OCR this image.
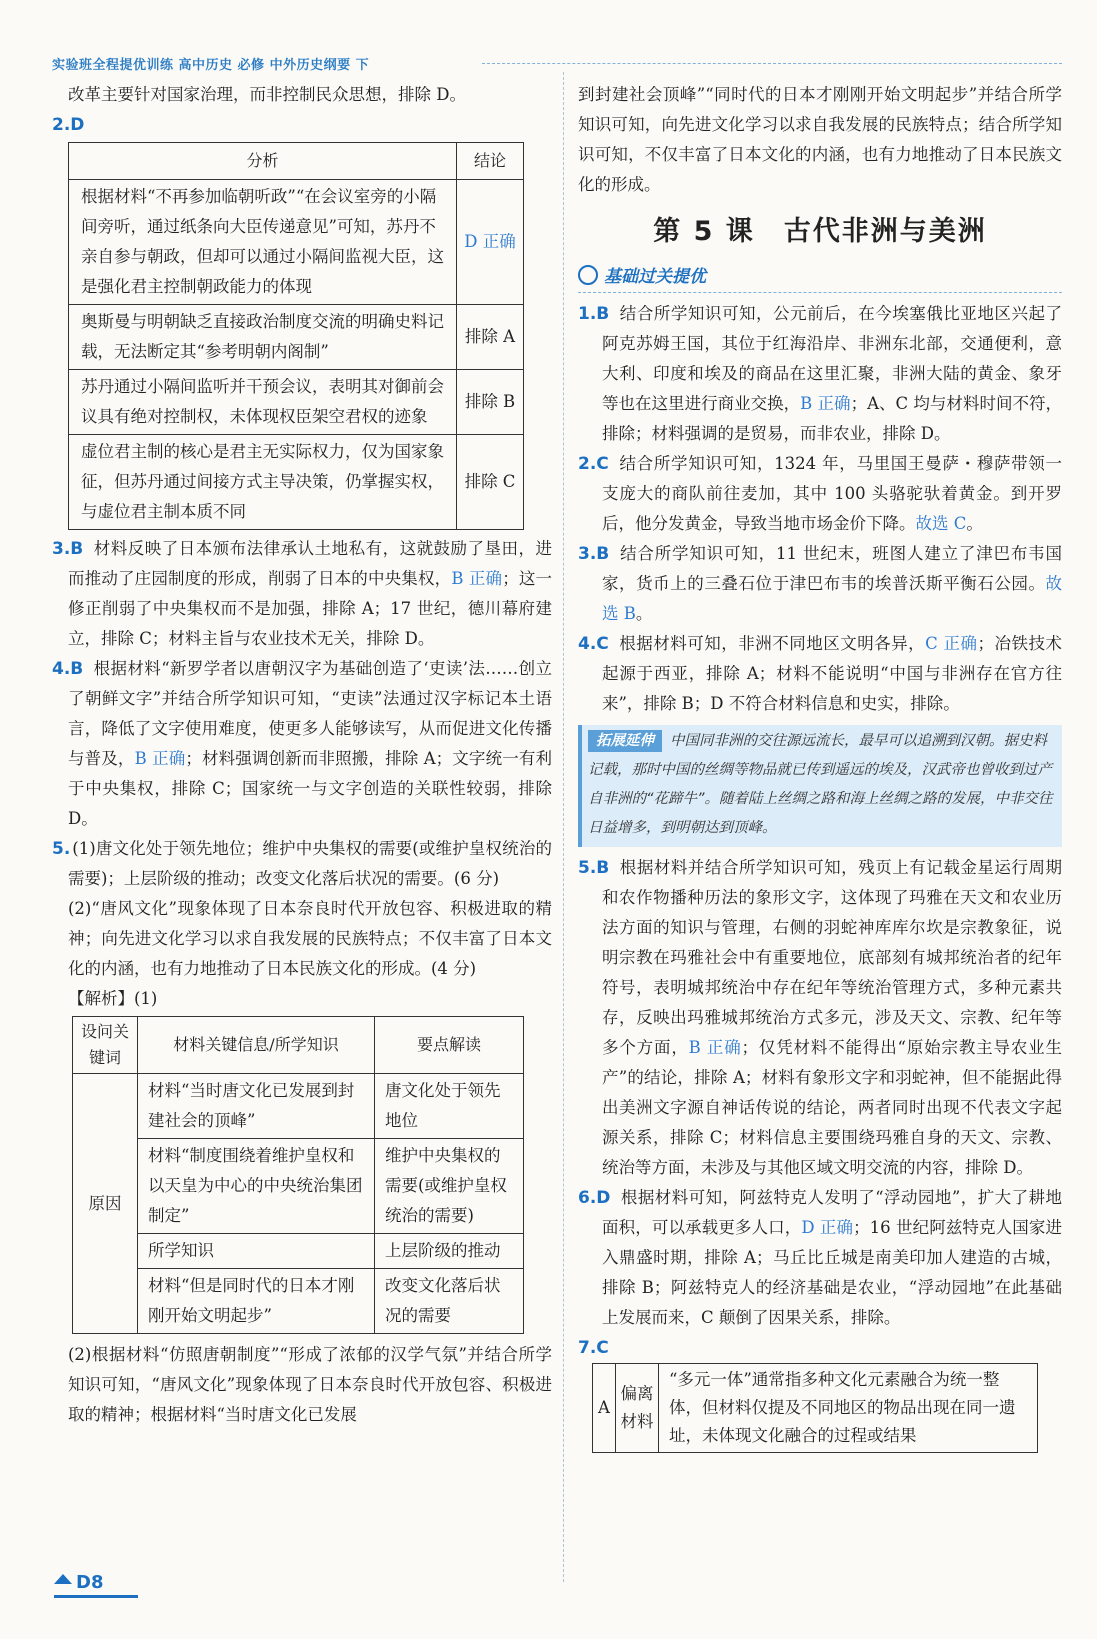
实验班全程提优训练 高中历史 必修 中外历史纲要 下

改革主要针对国家治理，而非控制民众思想，排除 D。

2.D

分析	结论
根据材料“不再参加临朝听政”“在会议室旁的小隔间旁听，通过纸条向大臣传递意见”可知，苏丹不亲自参与朝政，但却可以通过小隔间监视大臣，这是强化君主控制朝政能力的体现	D 正确
奥斯曼与明朝缺乏直接政治制度交流的明确史料记载，无法断定其“参考明朝内阁制”	排除 A
苏丹通过小隔间监听并干预会议，表明其对御前会议具有绝对控制权，未体现权臣架空君权的迹象	排除 B
虚位君主制的核心是君主无实际权力，仅为国家象征，但苏丹通过间接方式主导决策，仍掌握实权，与虚位君主制本质不同	排除 C

3.B 材料反映了日本颁布法律承认土地私有，这就鼓励了垦田，进而推动了庄园制度的形成，削弱了日本的中央集权，B 正确；这一修正削弱了中央集权而不是加强，排除 A；17 世纪，德川幕府建立，排除 C；材料主旨与农业技术无关，排除 D。

4.B 根据材料“新罗学者以唐朝汉字为基础创造了‘吏读’法……创立了朝鲜文字”并结合所学知识可知，“吏读”法通过汉字标记本土语言，降低了文字使用难度，使更多人能够读写，从而促进文化传播与普及，B 正确；材料强调创新而非照搬，排除 A；文字统一有利于中央集权，排除 C；国家统一与文字创造的关联性较弱，排除 D。

5. (1)唐文化处于领先地位；维护中央集权的需要(或维护皇权统治的需要)；上层阶级的推动；改变文化落后状况的需要。(6 分)

(2)“唐风文化”现象体现了日本奈良时代开放包容、积极进取的精神；向先进文化学习以求自我发展的民族特点；不仅丰富了日本文化的内涵，也有力地推动了日本民族文化的形成。(4 分)

【解析】(1)

设问关键词	材料关键信息/所学知识	要点解读
原因	材料“当时唐文化已发展到封建社会的顶峰”	唐文化处于领先地位
	材料“制度围绕着维护皇权和以天皇为中心的中央统治集团制定”	维护中央集权的需要(或维护皇权统治的需要)
	所学知识	上层阶级的推动
	材料“但是同时代的日本才刚刚开始文明起步”	改变文化落后状况的需要

(2)根据材料“仿照唐朝制度”“形成了浓郁的汉学气氛”并结合所学知识可知，“唐风文化”现象体现了日本奈良时代开放包容、积极进取的精神；根据材料“当时唐文化已发展

到封建社会顶峰”“同时代的日本才刚刚开始文明起步”并结合所学知识可知，向先进文化学习以求自我发展的民族特点；结合所学知识可知，不仅丰富了日本文化的内涵，也有力地推动了日本民族文化的形成。

第 5 课　古代非洲与美洲
基础过关提优

1.B 结合所学知识可知，公元前后，在今埃塞俄比亚地区兴起了阿克苏姆王国，其位于红海沿岸、非洲东北部，交通便利，意大利、印度和埃及的商品在这里汇聚，非洲大陆的黄金、象牙等也在这里进行商业交换，B 正确；A、C 均与材料时间不符，排除；材料强调的是贸易，而非农业，排除 D。

2.C 结合所学知识可知，1324 年，马里国王曼萨・穆萨带领一支庞大的商队前往麦加，其中 100 头骆驼驮着黄金。到开罗后，他分发黄金，导致当地市场金价下降。故选 C。

3.B 结合所学知识可知，11 世纪末，班图人建立了津巴布韦国家，货币上的三叠石位于津巴布韦的埃普沃斯平衡石公园。故选 B。

4.C 根据材料可知，非洲不同地区文明各异，C 正确；冶铁技术起源于西亚，排除 A；材料不能说明“中国与非洲存在官方往来”，排除 B；D 不符合材料信息和史实，排除。

拓展延伸 中国同非洲的交往源远流长，最早可以追溯到汉朝。据史料记载，那时中国的丝绸等物品就已传到遥远的埃及，汉武帝也曾收到过产自非洲的“花蹄牛”。随着陆上丝绸之路和海上丝绸之路的发展，中非交往日益增多，到明朝达到顶峰。

5.B 根据材料并结合所学知识可知，残页上有记载金星运行周期和农作物播种历法的象形文字，这体现了玛雅在天文和农业历法方面的知识与管理，右侧的羽蛇神库库尔坎是宗教象征，说明宗教在玛雅社会中有重要地位，底部刻有城邦统治者的纪年符号，表明城邦统治中存在纪年等统治管理方式，多种元素共存，反映出玛雅城邦统治方式多元，涉及天文、宗教、纪年等多个方面，B 正确；仅凭材料不能得出“原始宗教主导农业生产”的结论，排除 A；材料有象形文字和羽蛇神，但不能据此得出美洲文字源自神话传说的结论，两者同时出现不代表文字起源关系，排除 C；材料信息主要围绕玛雅自身的天文、宗教、统治等方面，未涉及与其他区域文明交流的内容，排除 D。

6.D 根据材料可知，阿兹特克人发明了“浮动园地”，扩大了耕地面积，可以承载更多人口，D 正确；16 世纪阿兹特克人国家进入鼎盛时期，排除 A；马丘比丘城是南美印加人建造的古城，排除 B；阿兹特克人的经济基础是农业，“浮动园地”在此基础上发展而来，C 颠倒了因果关系，排除。

7.C

A	偏离材料	“多元一体”通常指多种文化元素融合为统一整体，但材料仅提及不同地区的物品出现在同一遗址，未体现文化融合的过程或结果
D8
